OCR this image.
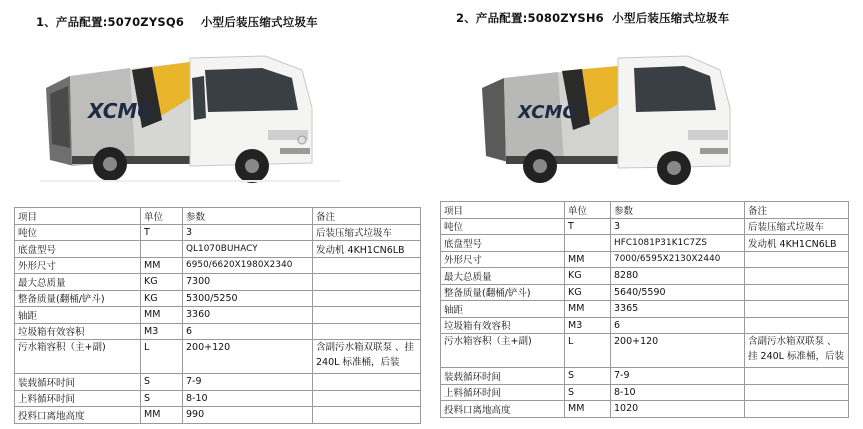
1、产品配置:5070ZYSQ6    小型后装压缩式垃圾车	2、产品配置:5080ZYSH6  小型后装压缩式垃圾车
XCMG	XCMG
项目	单位	参数	备注
吨位	T	3	后装压缩式垃圾车
底盘型号		QL1070BUHACY	发动机 4KH1CN6LB
外形尺寸	MM	6950/6620X1980X2340	
最大总质量	KG	7300	
整备质量(翻桶/铲斗)	KG	5300/5250	
轴距	MM	3360	
垃圾箱有效容积	M3	6	
污水箱容积（主+副)	L	200+120	含副污水箱双联泵 、挂 240L 标准桶，后装
装载循环时间	S	7-9	
上料循环时间	S	8-10	
投料口离地高度	MM	990	
项目	单位	参数	备注
吨位	T	3	后装压缩式垃圾车
底盘型号		HFC1081P31K1C7ZS	发动机 4KH1CN6LB
外形尺寸	MM	7000/6595X2130X2440	
最大总质量	KG	8280	
整备质量(翻桶/铲斗)	KG	5640/5590	
轴距	MM	3365	
垃圾箱有效容积	M3	6	
污水箱容积（主+副)	L	200+120	含副污水箱双联泵 、挂 240L 标准桶，后装
装载循环时间	S	7-9	
上料循环时间	S	8-10	
投料口离地高度	MM	1020	
